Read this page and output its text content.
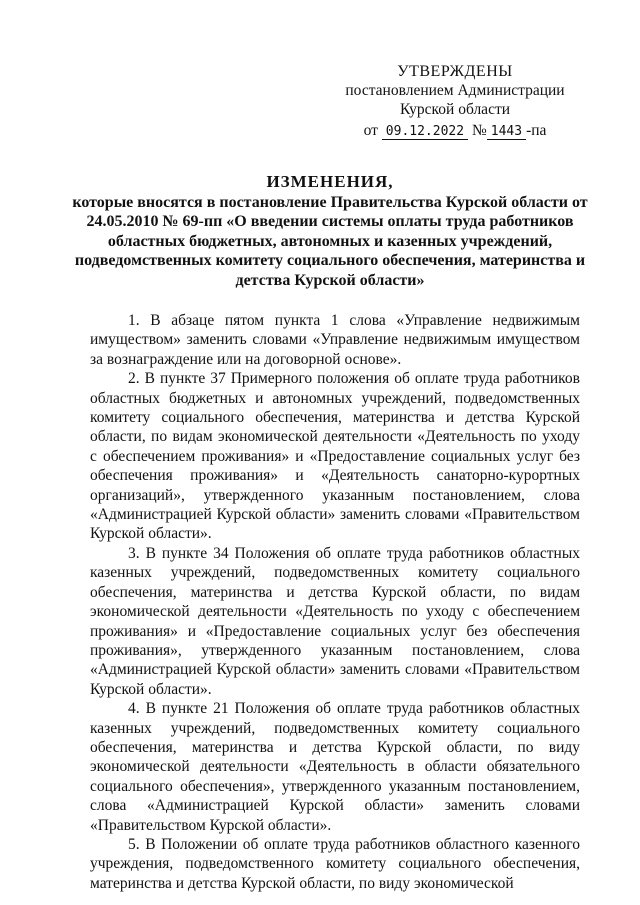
УТВЕРЖДЕНЫ
постановлением Администрации
Курской области
от 09.12.2022 № 1443 -па
ИЗМЕНЕНИЯ,
которые вносятся в постановление Правительства Курской области от 24.05.2010 № 69-пп «О введении системы оплаты труда работников областных бюджетных, автономных и казенных учреждений, подведомственных комитету социального обеспечения, материнства и детства Курской области»

1. В абзаце пятом пункта 1 слова «Управление недвижимым имуществом» заменить словами «Управление недвижимым имуществом за вознаграждение или на договорной основе».

2. В пункте 37 Примерного положения об оплате труда работников областных бюджетных и автономных учреждений, подведомственных комитету социального обеспечения, материнства и детства Курской области, по видам экономической деятельности «Деятельность по уходу с обеспечением проживания» и «Предоставление социальных услуг без обеспечения проживания» и «Деятельность санаторно-курортных организаций», утвержденного указанным постановлением, слова «Администрацией Курской области» заменить словами «Правительством Курской области».

3. В пункте 34 Положения об оплате труда работников областных казенных учреждений, подведомственных комитету социального обеспечения, материнства и детства Курской области, по видам экономической деятельности «Деятельность по уходу с обеспечением проживания» и «Предоставление социальных услуг без обеспечения проживания», утвержденного указанным постановлением, слова «Администрацией Курской области» заменить словами «Правительством Курской области».

4. В пункте 21 Положения об оплате труда работников областных казенных учреждений, подведомственных комитету социального обеспечения, материнства и детства Курской области, по виду экономической деятельности «Деятельность в области обязательного социального обеспечения», утвержденного указанным постановлением, слова «Администрацией Курской области» заменить словами «Правительством Курской области».

5. В Положении об оплате труда работников областного казенного учреждения, подведомственного комитету социального обеспечения, материнства и детства Курской области, по виду экономической
